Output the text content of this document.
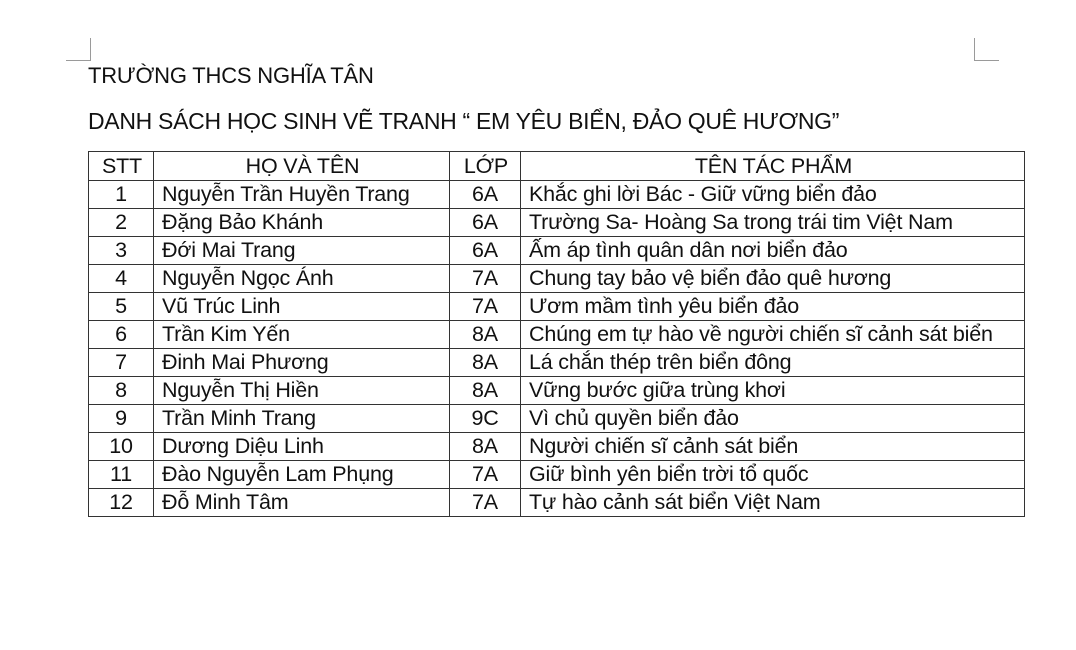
TRƯỜNG THCS NGHĨA TÂN
DANH SÁCH HỌC SINH VẼ TRANH “ EM YÊU BIỂN, ĐẢO QUÊ HƯƠNG”
STT	HỌ VÀ TÊN	LỚP	TÊN TÁC PHẨM
1	Nguyễn Trần Huyền Trang	6A	Khắc ghi lời Bác - Giữ vững biển đảo
2	Đặng Bảo Khánh	6A	Trường Sa- Hoàng Sa trong trái tim Việt Nam
3	Đới Mai Trang	6A	Ấm áp tình quân dân nơi biển đảo
4	Nguyễn Ngọc Ánh	7A	Chung tay bảo vệ biển đảo quê hương
5	Vũ Trúc Linh	7A	Ươm mầm tình yêu biển đảo
6	Trần Kim Yến	8A	Chúng em tự hào về người chiến sĩ cảnh sát biển
7	Đinh Mai Phương	8A	Lá chắn thép trên biển đông
8	Nguyễn Thị Hiền	8A	Vững bước giữa trùng khơi
9	Trần Minh Trang	9C	Vì chủ quyền biển đảo
10	Dương Diệu Linh	8A	Người chiến sĩ cảnh sát biển
11	Đào Nguyễn Lam Phụng	7A	Giữ bình yên biển trời tổ quốc
12	Đỗ Minh Tâm	7A	Tự hào cảnh sát biển Việt Nam
